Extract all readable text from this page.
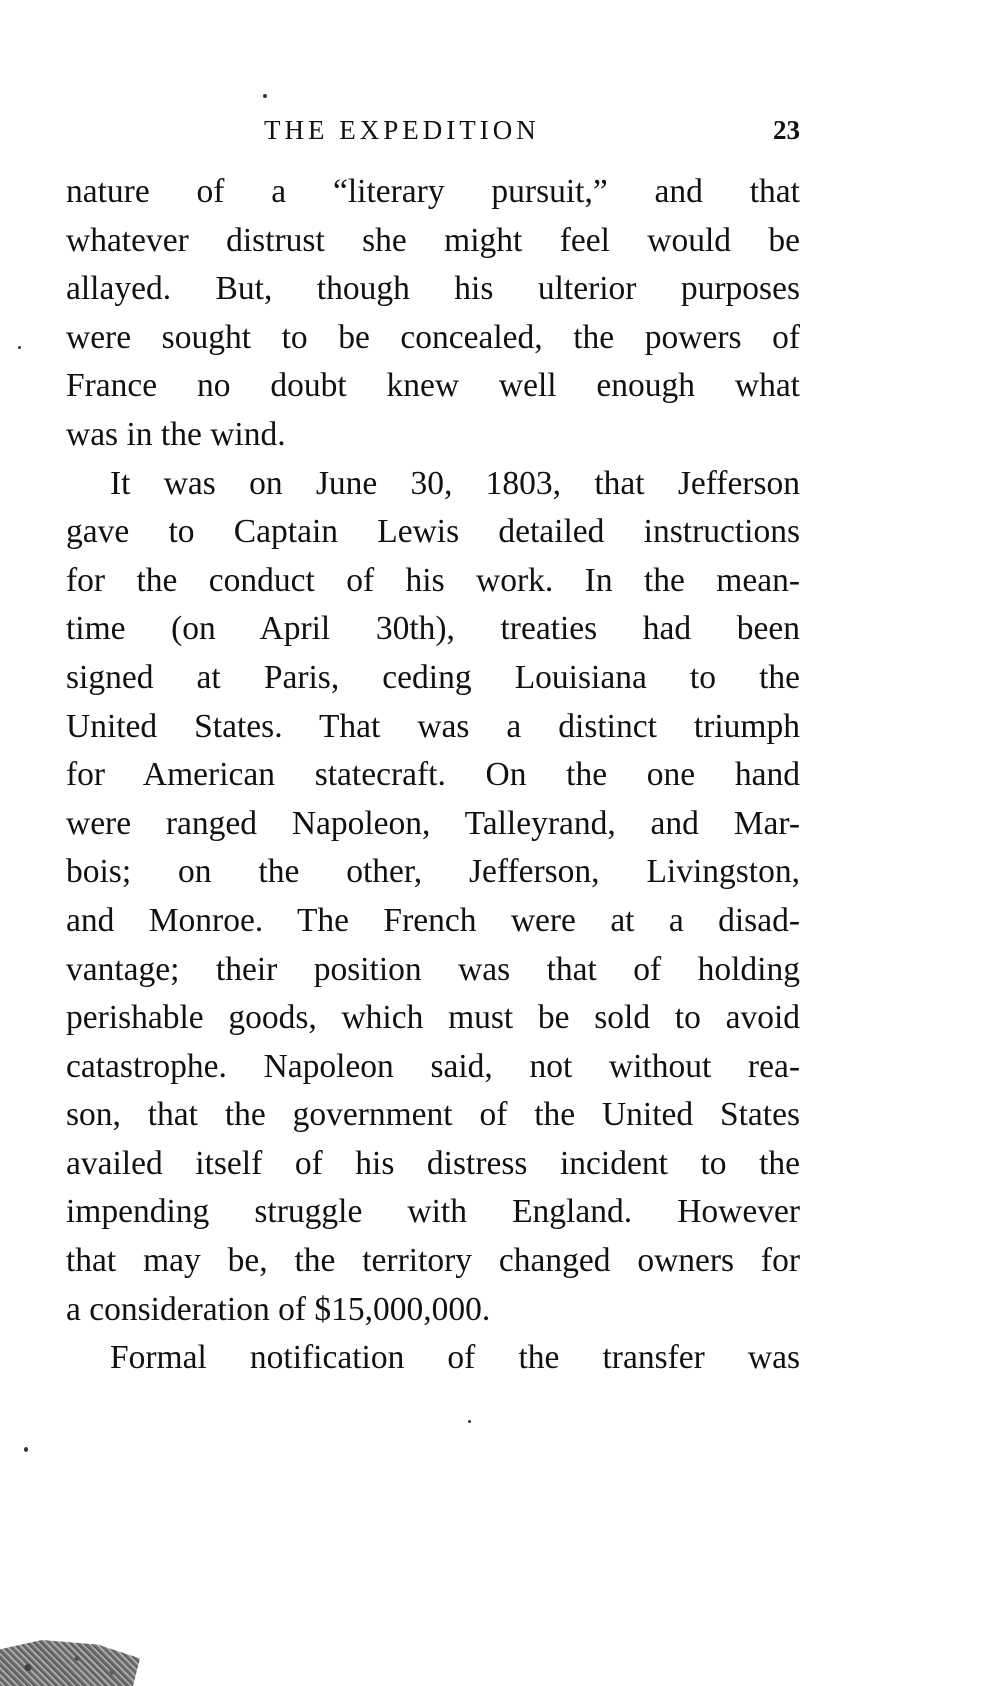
THE EXPEDITION	23
nature of a “literary pursuit,” and that
whatever distrust she might feel would be
allayed. But, though his ulterior purposes
were sought to be concealed, the powers of
France no doubt knew well enough what
was in the wind.
It was on June 30, 1803, that Jefferson
gave to Captain Lewis detailed instructions
for the conduct of his work. In the mean-
time (on April 30th), treaties had been
signed at Paris, ceding Louisiana to the
United States. That was a distinct triumph
for American statecraft. On the one hand
were ranged Napoleon, Talleyrand, and Mar-
bois; on the other, Jefferson, Livingston,
and Monroe. The French were at a disad-
vantage; their position was that of holding
perishable goods, which must be sold to avoid
catastrophe. Napoleon said, not without rea-
son, that the government of the United States
availed itself of his distress incident to the
impending struggle with England. However
that may be, the territory changed owners for
a consideration of $15,000,000.
Formal notification of the transfer was
